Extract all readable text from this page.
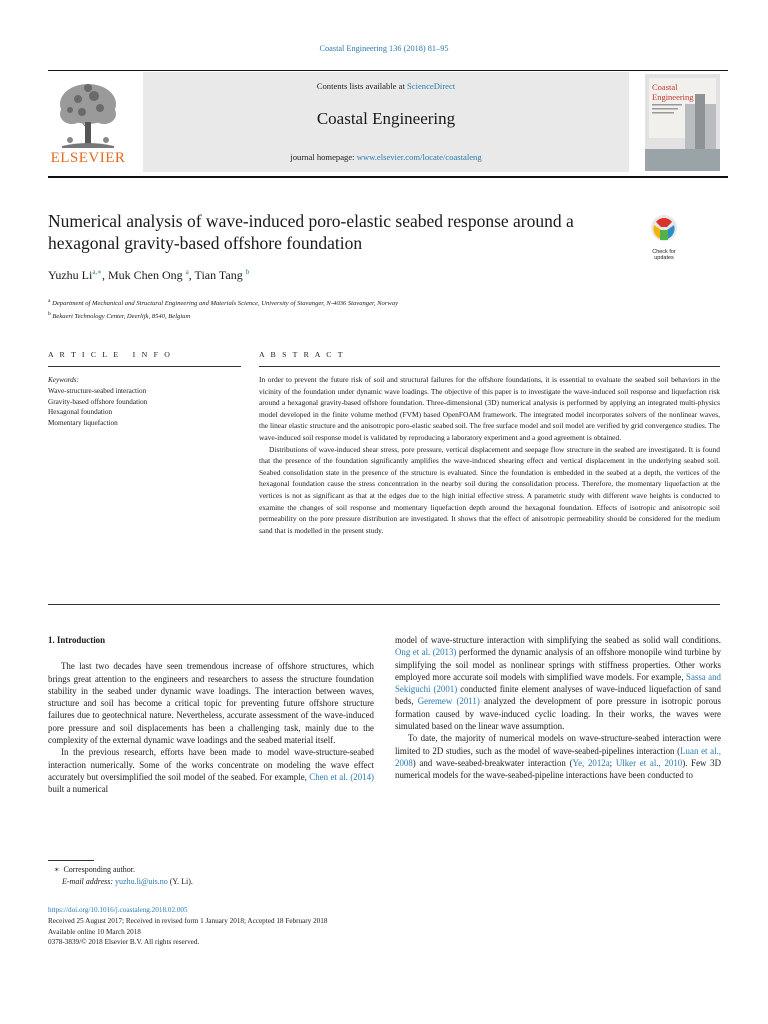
Coastal Engineering 136 (2018) 81–95
ELSEVIER
Contents lists available at ScienceDirect
Coastal Engineering
journal homepage: www.elsevier.com/locate/coastaleng
Coastal
Engineering
Numerical analysis of wave-induced poro-elastic seabed response around a hexagonal gravity-based offshore foundation	Check for updates
Yuzhu $Li^{a,∗}$, Muk Chen Ong $^a$, Tian Tang $^b$
$^a$ Department of Mechanical and Structural Engineering and Materials Science, University of Stavanger, N-4036 Stavanger, Norway
$^b$ Bekaert Technology Center, Deerlijk, 8540, Belgium
A R T I C L E   I N F O	A B S T R A C T
Keywords:
Wave-structure-seabed interaction
Gravity-based offshore foundation
Hexagonal foundation
Momentary liquefaction

In order to prevent the future risk of soil and structural failures for the offshore foundations, it is essential to evaluate the seabed soil behaviors in the vicinity of the foundation under dynamic wave loadings. The objective of this paper is to investigate the wave-induced soil response and liquefaction risk around a hexagonal gravity-based offshore foundation. Three-dimensional (3D) numerical analysis is performed by applying an integrated multi-physics model developed in the finite volume method (FVM) based OpenFOAM framework. The integrated model incorporates solvers of the nonlinear waves, the linear elastic structure and the anisotropic poro-elastic seabed soil. The free surface model and soil model are verified by grid convergence studies. The wave-induced soil response model is validated by reproducing a laboratory experiment and a good agreement is obtained.

Distributions of wave-induced shear stress, pore pressure, vertical displacement and seepage flow structure in the seabed are investigated. It is found that the presence of the foundation significantly amplifies the wave-induced shearing effect and vertical displacement in the underlying seabed soil. Seabed consolidation state in the presence of the structure is evaluated. Since the foundation is embedded in the seabed at a depth, the vertices of the hexagonal foundation cause the stress concentration in the nearby soil during the consolidation process. Therefore, the momentary liquefaction at the vertices is not as significant as that at the edges due to the high initial effective stress. A parametric study with different wave heights is conducted to examine the changes of soil response and momentary liquefaction depth around the hexagonal foundation. Effects of isotropic and anisotropic soil permeability on the pore pressure distribution are investigated. It shows that the effect of anisotropic permeability should be considered for the medium sand that is modelled in the present study.

1. Introduction

The last two decades have seen tremendous increase of offshore structures, which brings great attention to the engineers and researchers to assess the structure foundation stability in the seabed under dynamic wave loadings. The interaction between waves, structure and soil has become a critical topic for preventing future offshore structure failures due to geotechnical nature. Nevertheless, accurate assessment of the wave-induced pore pressure and soil displacements has been a challenging task, mainly due to the complexity of the external dynamic wave loadings and the seabed material itself.

In the previous research, efforts have been made to model wave-structure-seabed interaction numerically. Some of the works concentrate on modeling the wave effect accurately but oversimplified the soil model of the seabed. For example, Chen et al. (2014) built a numerical

model of wave-structure interaction with simplifying the seabed as solid wall conditions. Ong et al. (2013) performed the dynamic analysis of an offshore monopile wind turbine by simplifying the soil model as nonlinear springs with stiffness properties. Other works employed more accurate soil models with simplified wave models. For example, Sassa and Sekiguchi (2001) conducted finite element analyses of wave-induced liquefaction of sand beds, Geremew (2011) analyzed the development of pore pressure in isotropic porous formation caused by wave-induced cyclic loading. In their works, the waves were simulated based on the linear wave assumption.

To date, the majority of numerical models on wave-structure-seabed interaction were limited to 2D studies, such as the model of wave-seabed-pipelines interaction (Luan et al., 2008) and wave-seabed-breakwater interaction (Ye, 2012a; Ulker et al., 2010). Few 3D numerical models for the wave-seabed-pipeline interactions have been conducted to

∗ Corresponding author.
E-mail address: yuzhu.li@uis.no (Y. Li).
https://doi.org/10.1016/j.coastaleng.2018.02.005
Received 25 August 2017; Received in revised form 1 January 2018; Accepted 18 February 2018
Available online 10 March 2018
0378-3839/© 2018 Elsevier B.V. All rights reserved.
